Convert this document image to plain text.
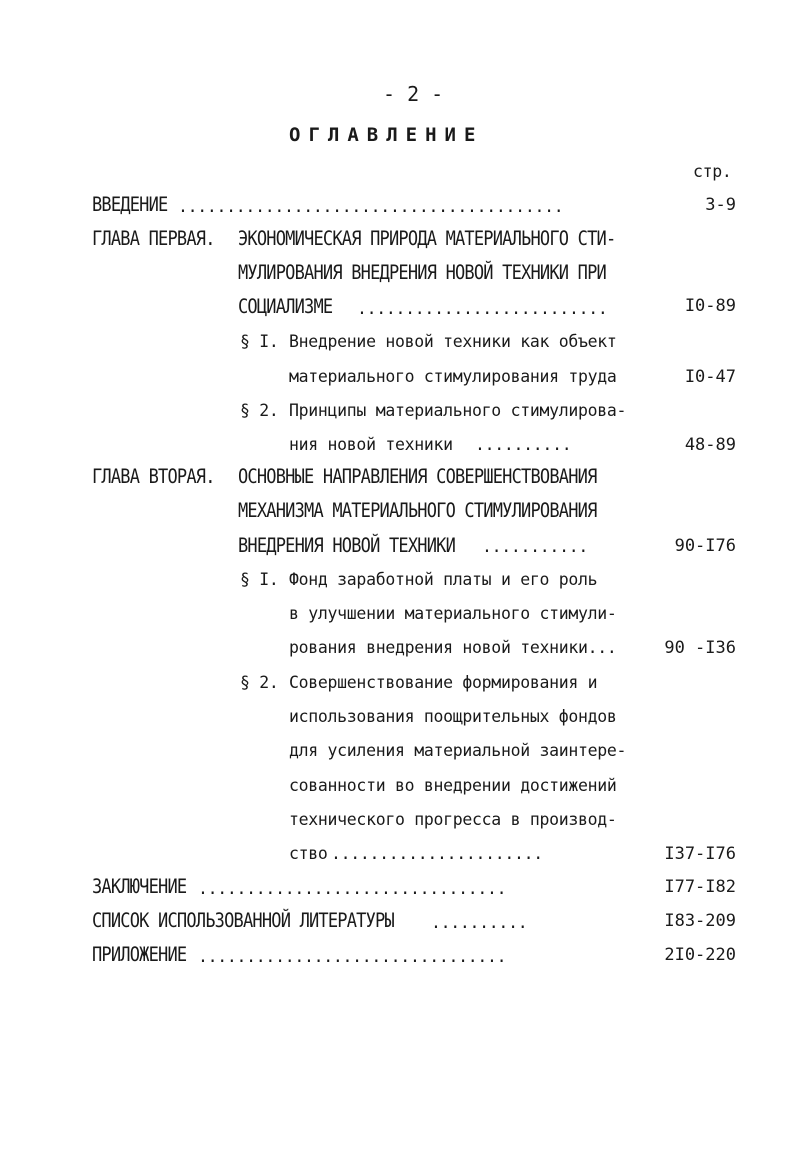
- 2 -
ОГЛАВЛЕНИЕ
стр.
ВВЕДЕНИЕ ........................................	3-9
ГЛАВА ПЕРВАЯ. ЭКОНОМИЧЕСКАЯ ПРИРОДА МАТЕРИАЛЬНОГО СТИ-
МУЛИРОВАНИЯ ВНЕДРЕНИЯ НОВОЙ ТЕХНИКИ ПРИ
СОЦИАЛИЗМЕ ..........................	I0-89
§ I. Внедрение новой техники как объект
материального стимулирования труда	I0-47
§ 2. Принципы материального стимулирова-
ния новой техники ..........	48-89
ГЛАВА ВТОРАЯ. ОСНОВНЫЕ НАПРАВЛЕНИЯ СОВЕРШЕНСТВОВАНИЯ
МЕХАНИЗМА МАТЕРИАЛЬНОГО СТИМУЛИРОВАНИЯ
ВНЕДРЕНИЯ НОВОЙ ТЕХНИКИ ...........	90-I76
§ I. Фонд заработной платы и его роль
в улучшении материального стимули-
рования внедрения новой техники...	90 -I36
§ 2. Совершенствование формирования и
использования поощрительных фондов
для усиления материальной заинтере-
сованности во внедрении достижений
технического прогресса в производ-
ство ......................	I37-I76
ЗАКЛЮЧЕНИЕ ................................	I77-I82
СПИСОК ИСПОЛЬЗОВАННОЙ ЛИТЕРАТУРЫ ..........	I83-209
ПРИЛОЖЕНИЕ ................................	2I0-220
